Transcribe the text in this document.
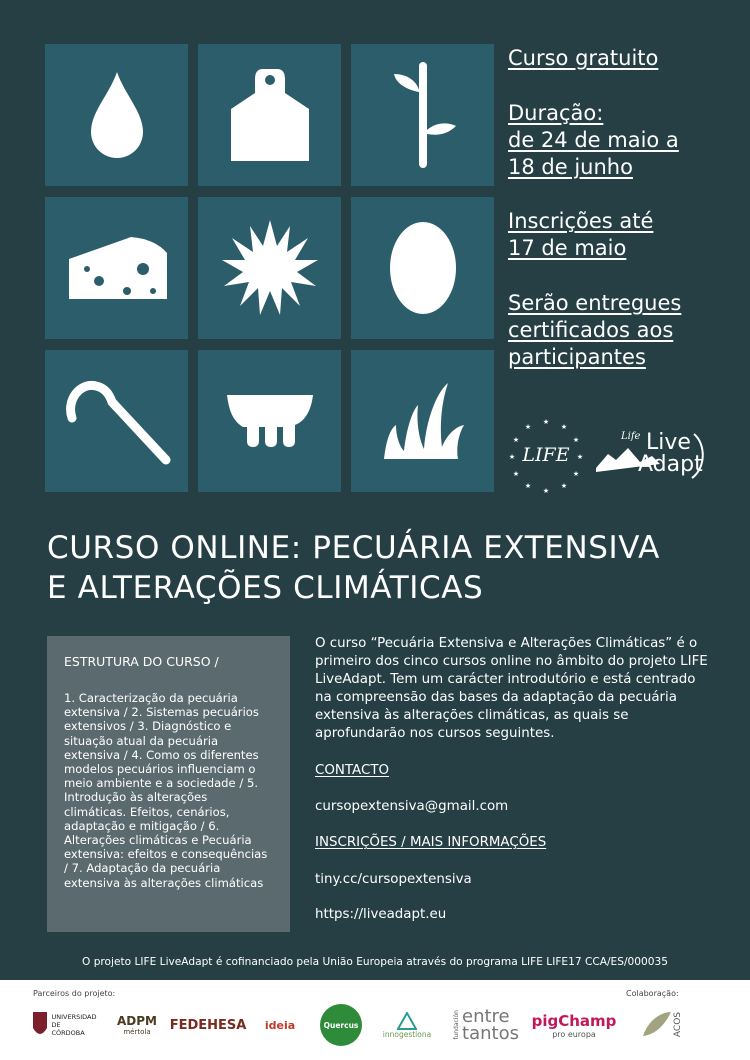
Curso gratuito
Duração:
de 24 de maio a
18 de junho
Inscrições até
17 de maio
Serão entregues
certificados aos
participantes
★
★
★
★
★
★
★
★
★
★
★
★
LIFE
Life Live
Adapt
CURSO ONLINE: PECUÁRIA EXTENSIVA
E ALTERAÇÕES CLIMÁTICAS
ESTRUTURA DO CURSO /
1. Caracterização da pecuária extensiva / 2. Sistemas pecuários extensivos / 3. Diagnóstico e situação atual da pecuária extensiva / 4. Como os diferentes modelos pecuários influenciam o meio ambiente e a sociedade / 5. Introdução às alterações climáticas. Efeitos, cenários, adaptação e mitigação / 6. Alterações climáticas e Pecuária extensiva: efeitos e consequências / 7. Adaptação da pecuária extensiva às alterações climáticas
O curso “Pecuária Extensiva e Alterações Climáticas” é o primeiro dos cinco cursos online no âmbito do projeto LIFE LiveAdapt. Tem um carácter introdutório e está centrado na compreensão das bases da adaptação da pecuária extensiva às alterações climáticas, as quais se aprofundarão nos cursos seguintes.
CONTACTO
cursopextensiva@gmail.com
INSCRIÇÕES / MAIS INFORMAÇÕES
tiny.cc/cursopextensiva
https://liveadapt.eu
O projeto LIFE LiveAdapt é cofinanciado pela União Europeia através do programa LIFE LIFE17 CCA/ES/000035
Parceiros do projeto:	Colaboração:
UNIVERSIDAD DE CÓRDOBA
ADPM
mértola FEDEHESA ideia	Quercus
innogestiona	fundación entre
tantos
pigChamp
pro europa	ACOS
